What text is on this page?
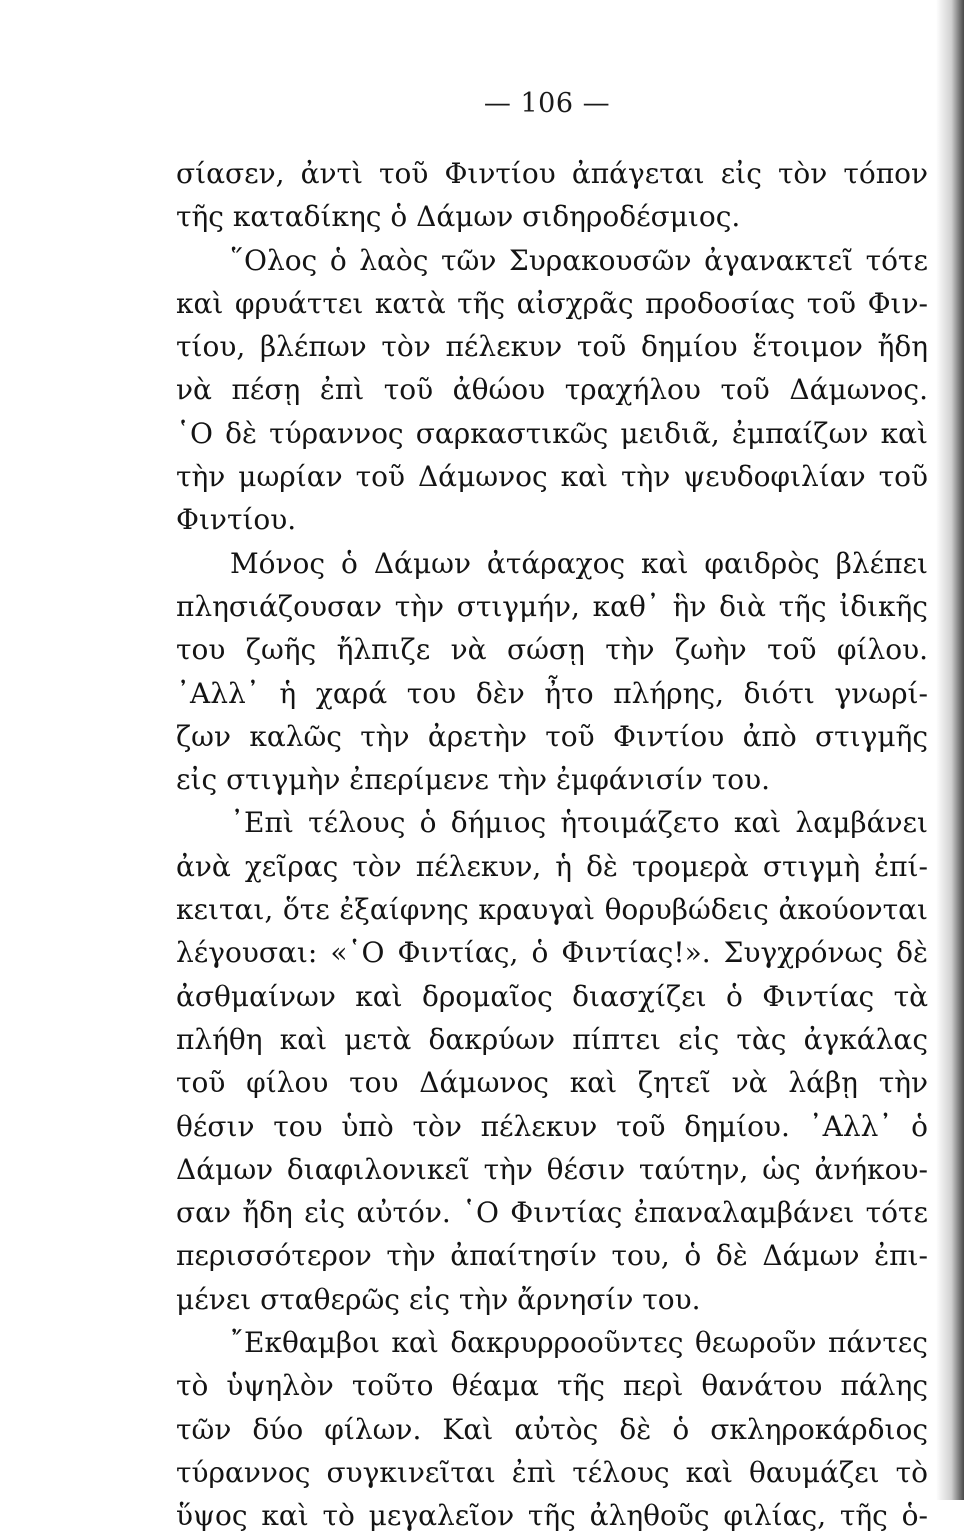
— 106 —
σίασεν, ἀντὶ τοῦ Φιντίου ἀπάγεται εἰς τὸν τόπον
τῆς καταδίκης ὁ Δάμων σιδηροδέσμιος.
῞Ολος ὁ λαὸς τῶν Συρακουσῶν ἀγανακτεῖ τότε
καὶ φρυάττει κατὰ τῆς αἰσχρᾶς προδοσίας τοῦ Φιν-
τίου, βλέπων τὸν πέλεκυν τοῦ δημίου ἕτοιμον ἤδη
νὰ πέσῃ ἐπὶ τοῦ ἀθώου τραχήλου τοῦ Δάμωνος.
῾Ο δὲ τύραννος σαρκαστικῶς μειδιᾶ, ἐμπαίζων καὶ
τὴν μωρίαν τοῦ Δάμωνος καὶ τὴν ψευδοφιλίαν τοῦ
Φιντίου.
Μόνος ὁ Δάμων ἀτάραχος καὶ φαιδρὸς βλέπει
πλησιάζουσαν τὴν στιγμήν, καθ᾽ ἣν διὰ τῆς ἰδικῆς
του ζωῆς ἤλπιζε νὰ σώσῃ τὴν ζωὴν τοῦ φίλου.
᾽Αλλ᾽ ἡ χαρά του δὲν ἦτο πλήρης, διότι γνωρί-
ζων καλῶς τὴν ἀρετὴν τοῦ Φιντίου ἀπὸ στιγμῆς
εἰς στιγμὴν ἐπερίμενε τὴν ἐμφάνισίν του.
᾽Επὶ τέλους ὁ δήμιος ἡτοιμάζετο καὶ λαμβάνει
ἀνὰ χεῖρας τὸν πέλεκυν, ἡ δὲ τρομερὰ στιγμὴ ἐπί-
κειται, ὅτε ἐξαίφνης κραυγαὶ θορυβώδεις ἀκούονται
λέγουσαι: «῾Ο Φιντίας, ὁ Φιντίας!». Συγχρόνως δὲ
ἀσθμαίνων καὶ δρομαῖος διασχίζει ὁ Φιντίας τὰ
πλήθη καὶ μετὰ δακρύων πίπτει εἰς τὰς ἀγκάλας
τοῦ φίλου του Δάμωνος καὶ ζητεῖ νὰ λάβῃ τὴν
θέσιν του ὑπὸ τὸν πέλεκυν τοῦ δημίου. ᾽Αλλ᾽ ὁ
Δάμων διαφιλονικεῖ τὴν θέσιν ταύτην, ὡς ἀνήκου-
σαν ἤδη εἰς αὐτόν. ῾Ο Φιντίας ἐπαναλαμβάνει τότε
περισσότερον τὴν ἀπαίτησίν του, ὁ δὲ Δάμων ἐπι-
μένει σταθερῶς εἰς τὴν ἄρνησίν του.
῎Εκθαμβοι καὶ δακρυρροοῦντες θεωροῦν πάντες
τὸ ὑψηλὸν τοῦτο θέαμα τῆς περὶ θανάτου πάλης
τῶν δύο φίλων. Καὶ αὐτὸς δὲ ὁ σκληροκάρδιος
τύραννος συγκινεῖται ἐπὶ τέλους καὶ θαυμάζει τὸ
ὕψος καὶ τὸ μεγαλεῖον τῆς ἀληθοῦς φιλίας, τῆς ὁ-
